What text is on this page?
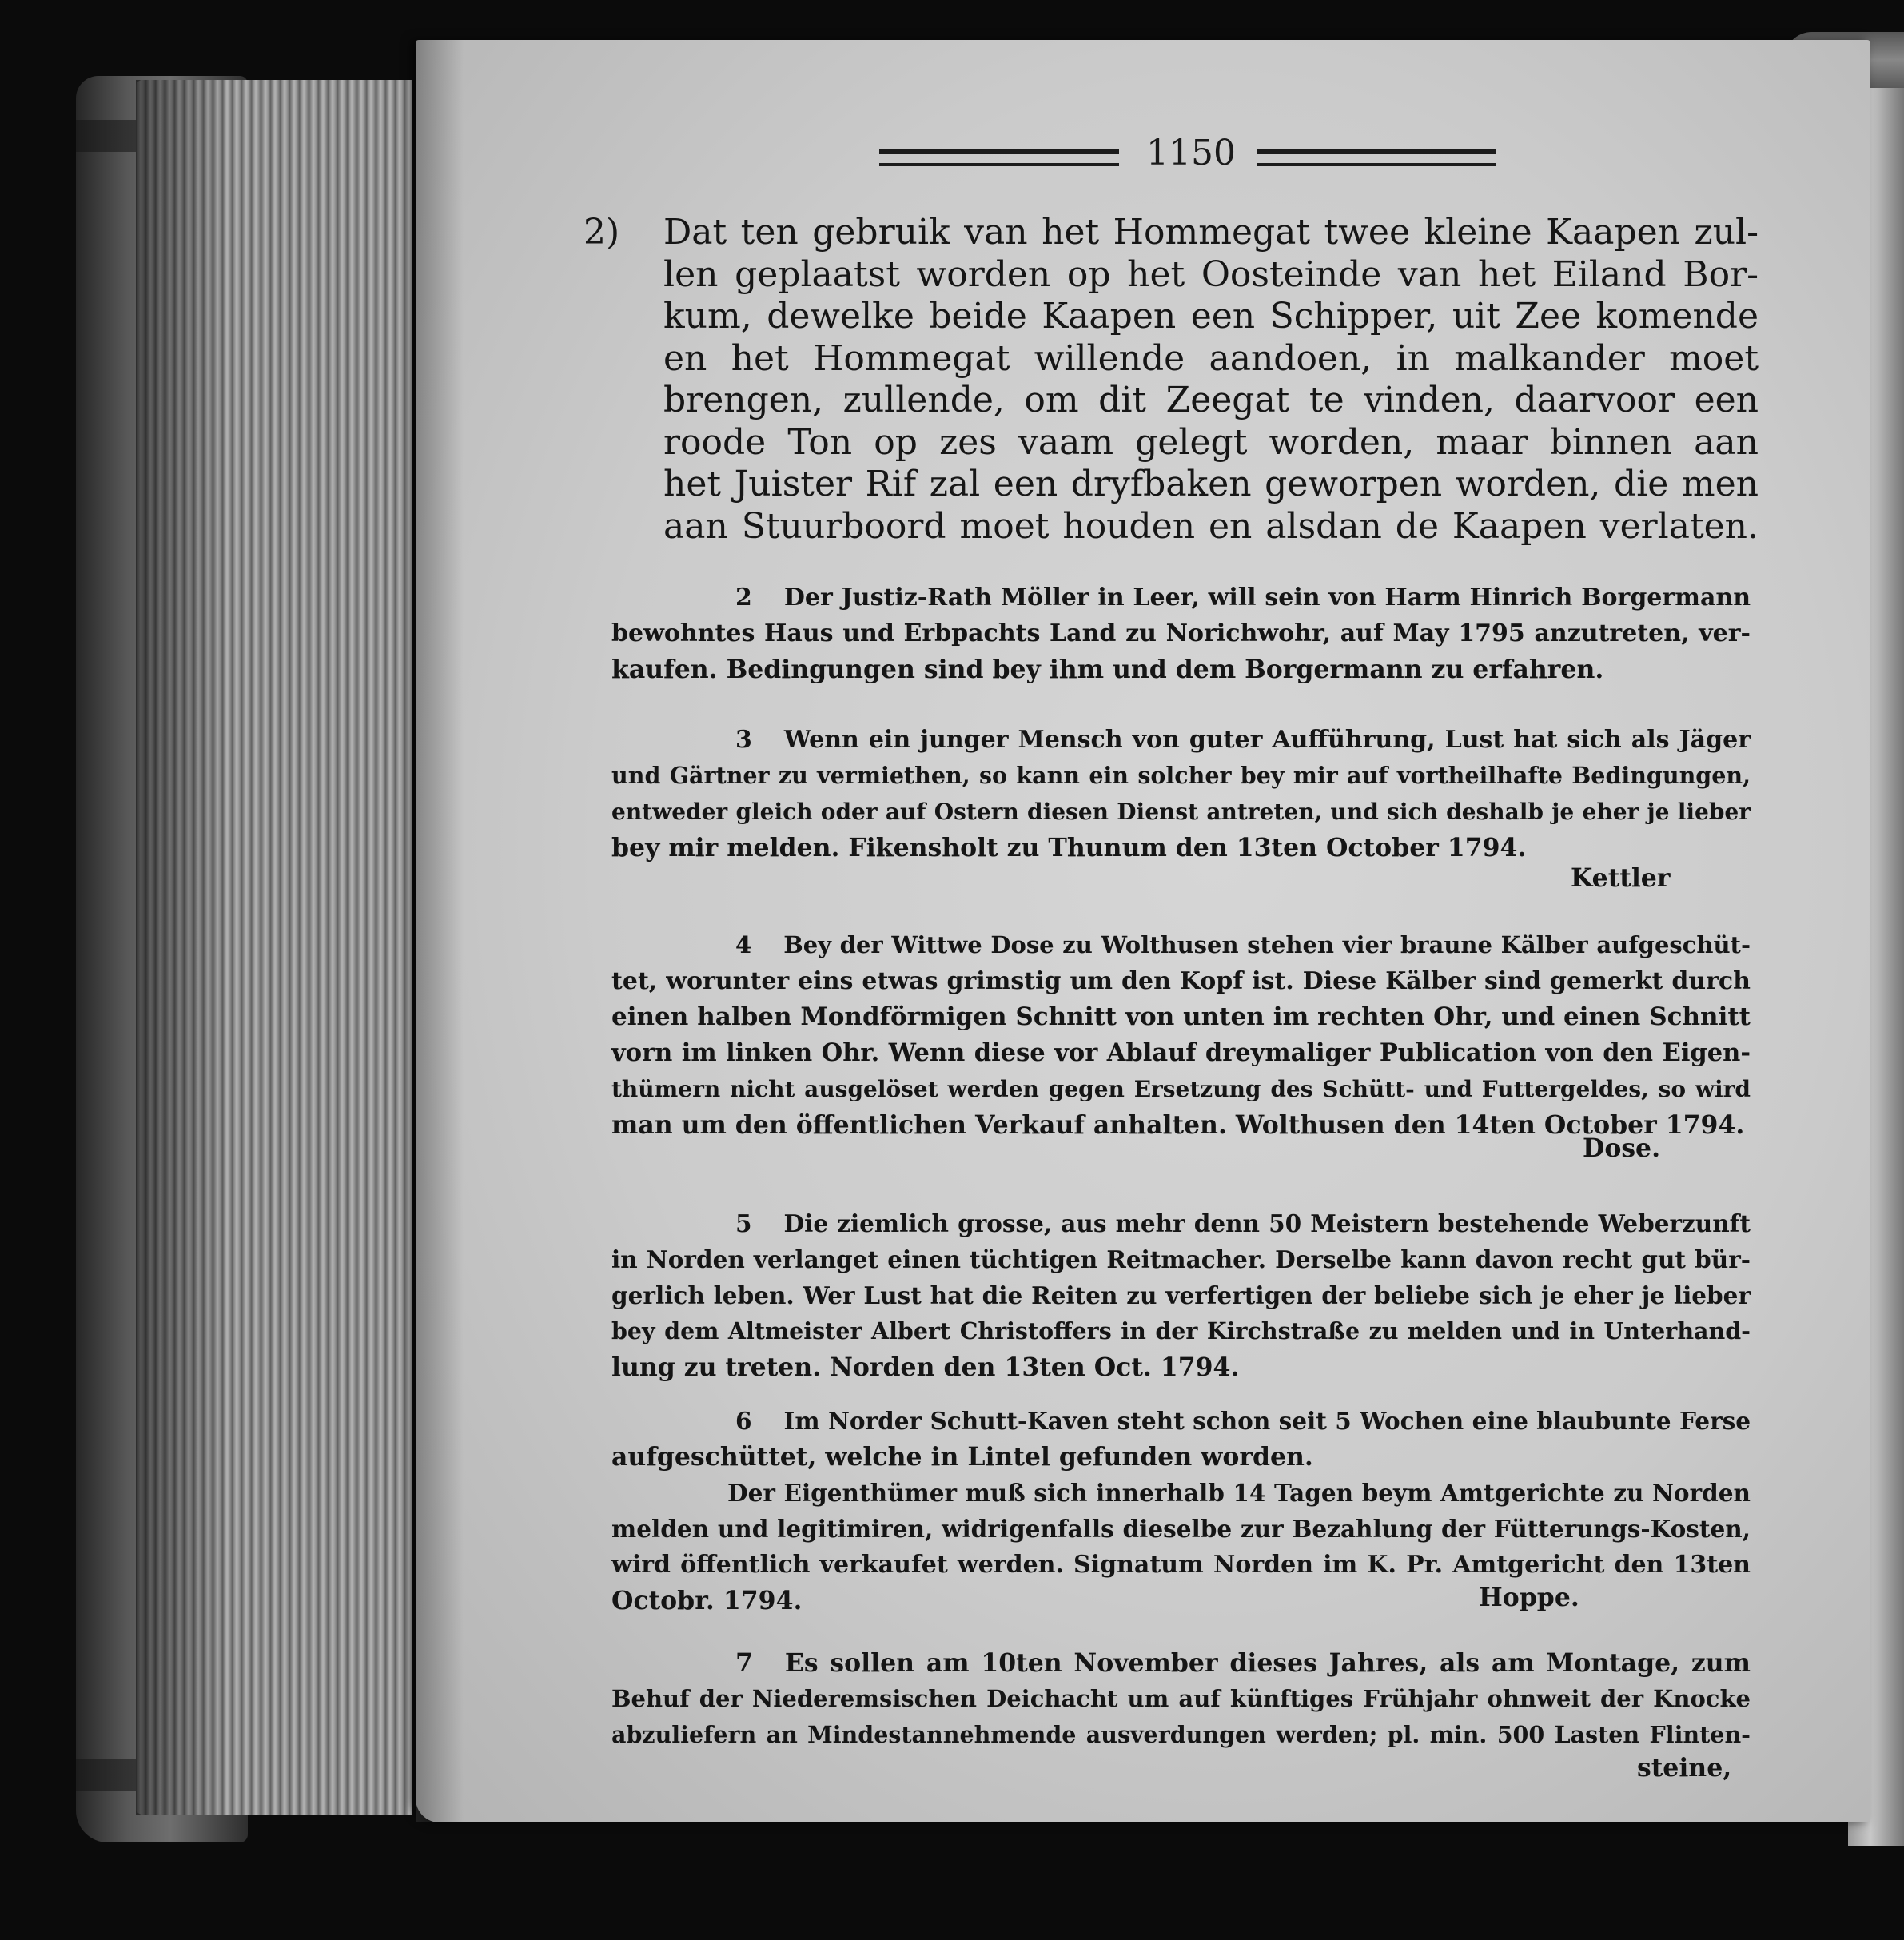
1150
2) Dat ten gebruik van het Hommegat twee kleine Kaapen zul-
len geplaatst worden op het Oosteinde van het Eiland Bor-
kum, dewelke beide Kaapen een Schipper, uit Zee komende
en het Hommegat willende aandoen, in malkander moet
brengen, zullende, om dit Zeegat te vinden, daarvoor een
roode Ton op zes vaam gelegt worden, maar binnen aan
het Juister Rif zal een dryfbaken geworpen worden, die men
aan Stuurboord moet houden en alsdan de Kaapen verlaten.
2 Der Justiz-Rath Möller in Leer, will sein von Harm Hinrich Borgermann
bewohntes Haus und Erbpachts Land zu Norichwohr, auf May 1795 anzutreten, ver-
kaufen. Bedingungen sind bey ihm und dem Borgermann zu erfahren.
3 Wenn ein junger Mensch von guter Aufführung, Lust hat sich als Jäger
und Gärtner zu vermiethen, so kann ein solcher bey mir auf vortheilhafte Bedingungen,
entweder gleich oder auf Ostern diesen Dienst antreten, und sich deshalb je eher je lieber
bey mir melden. Fikensholt zu Thunum den 13ten October 1794.
Kettler
4 Bey der Wittwe Dose zu Wolthusen stehen vier braune Kälber aufgeschüt-
tet, worunter eins etwas grimstig um den Kopf ist. Diese Kälber sind gemerkt durch
einen halben Mondförmigen Schnitt von unten im rechten Ohr, und einen Schnitt
vorn im linken Ohr. Wenn diese vor Ablauf dreymaliger Publication von den Eigen-
thümern nicht ausgelöset werden gegen Ersetzung des Schütt- und Futtergeldes, so wird
man um den öffentlichen Verkauf anhalten. Wolthusen den 14ten October 1794.
Dose.
5 Die ziemlich grosse, aus mehr denn 50 Meistern bestehende Weberzunft
in Norden verlanget einen tüchtigen Reitmacher. Derselbe kann davon recht gut bür-
gerlich leben. Wer Lust hat die Reiten zu verfertigen der beliebe sich je eher je lieber
bey dem Altmeister Albert Christoffers in der Kirchstraße zu melden und in Unterhand-
lung zu treten. Norden den 13ten Oct. 1794.
6 Im Norder Schutt-Kaven steht schon seit 5 Wochen eine blaubunte Ferse
aufgeschüttet, welche in Lintel gefunden worden.
Der Eigenthümer muß sich innerhalb 14 Tagen beym Amtgerichte zu Norden
melden und legitimiren, widrigenfalls dieselbe zur Bezahlung der Fütterungs-Kosten,
wird öffentlich verkaufet werden. Signatum Norden im K. Pr. Amtgericht den 13ten
Octobr. 1794.	Hoppe.
7 Es sollen am 10ten November dieses Jahres, als am Montage, zum
Behuf der Niederemsischen Deichacht um auf künftiges Frühjahr ohnweit der Knocke
abzuliefern an Mindestannehmende ausverdungen werden; pl. min. 500 Lasten Flinten-
steine,
